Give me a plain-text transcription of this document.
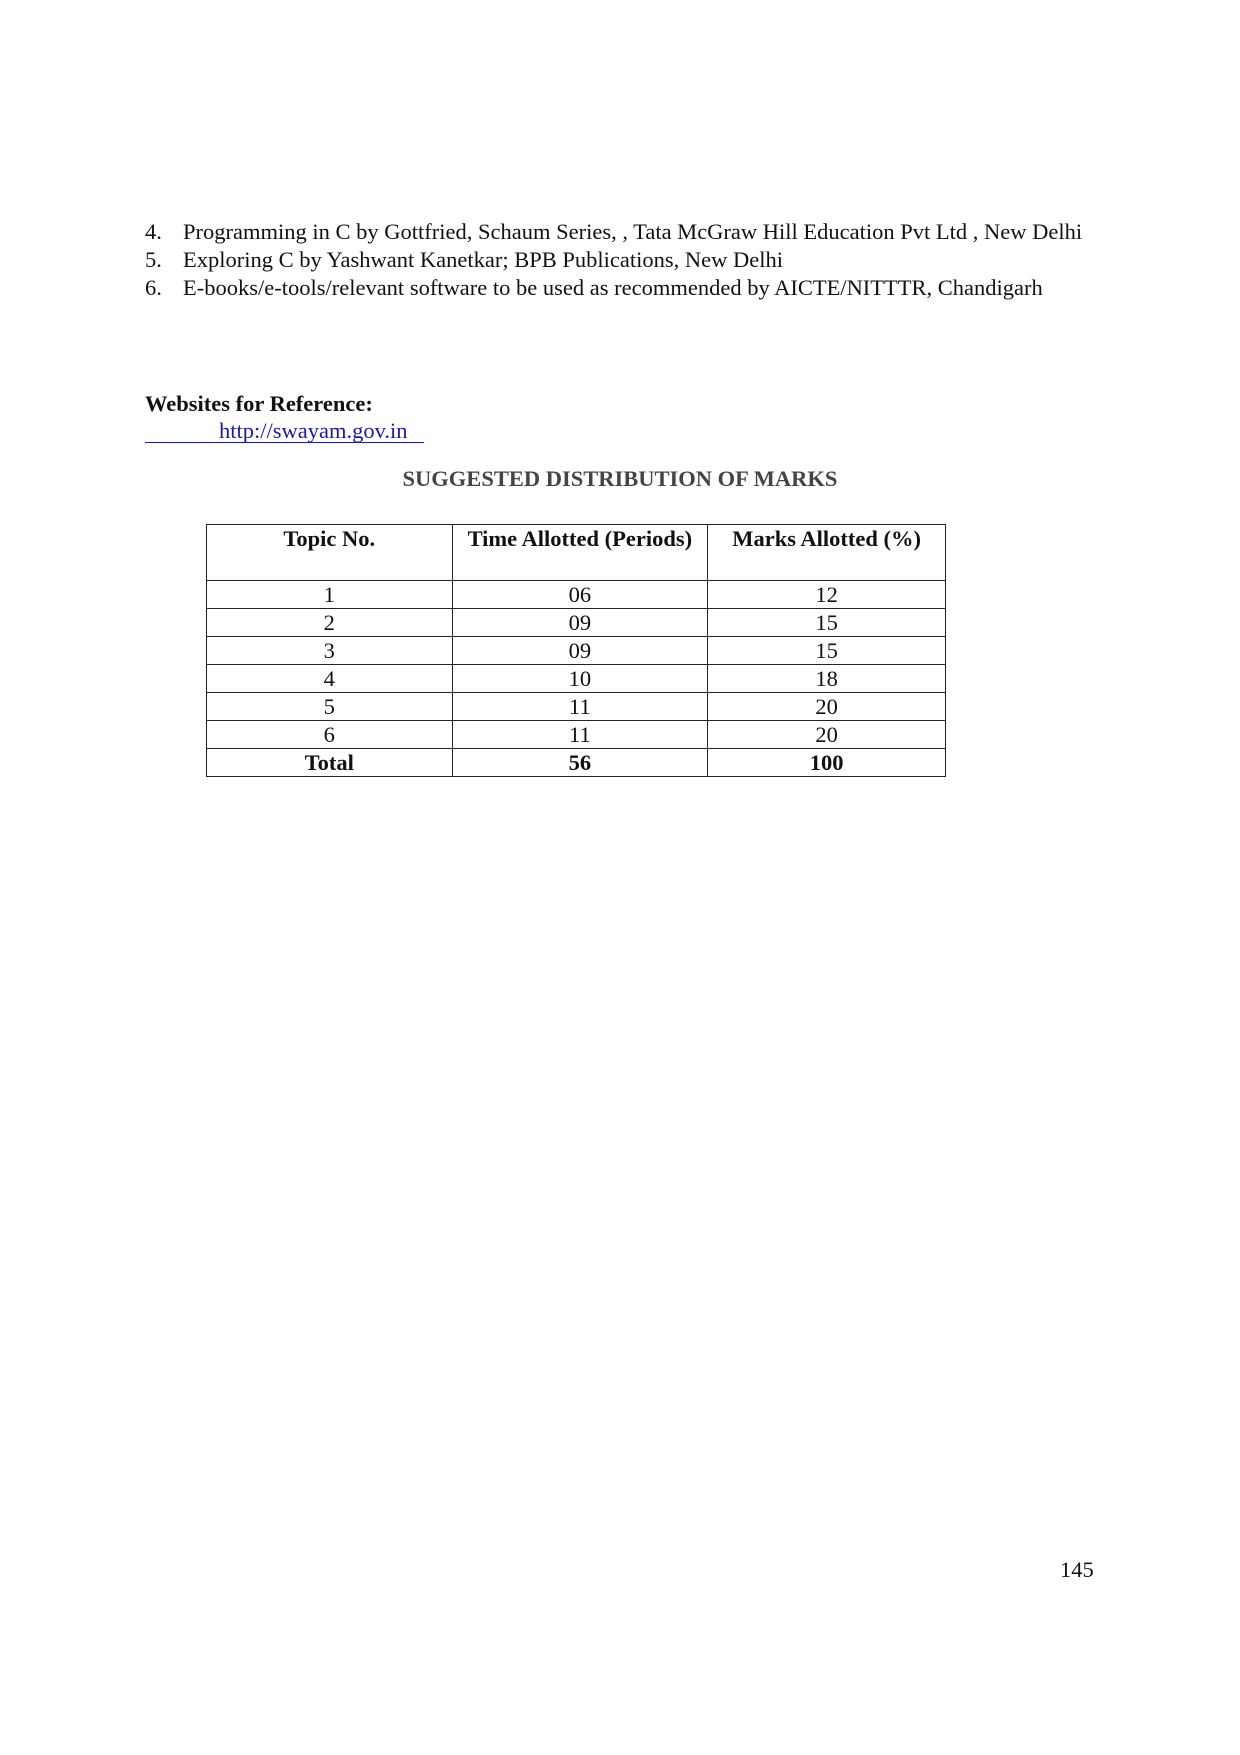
4. Programming in C by Gottfried, Schaum Series, , Tata McGraw Hill Education Pvt Ltd , New Delhi
5. Exploring C by Yashwant Kanetkar; BPB Publications, New Delhi
6. E-books/e-tools/relevant software to be used as recommended by AICTE/NITTTR, Chandigarh
Websites for Reference:
http://swayam.gov.in
SUGGESTED DISTRIBUTION OF MARKS
Topic No.	Time Allotted (Periods)	Marks Allotted (%)
1	06	12
2	09	15
3	09	15
4	10	18
5	11	20
6	11	20
Total	56	100
145
